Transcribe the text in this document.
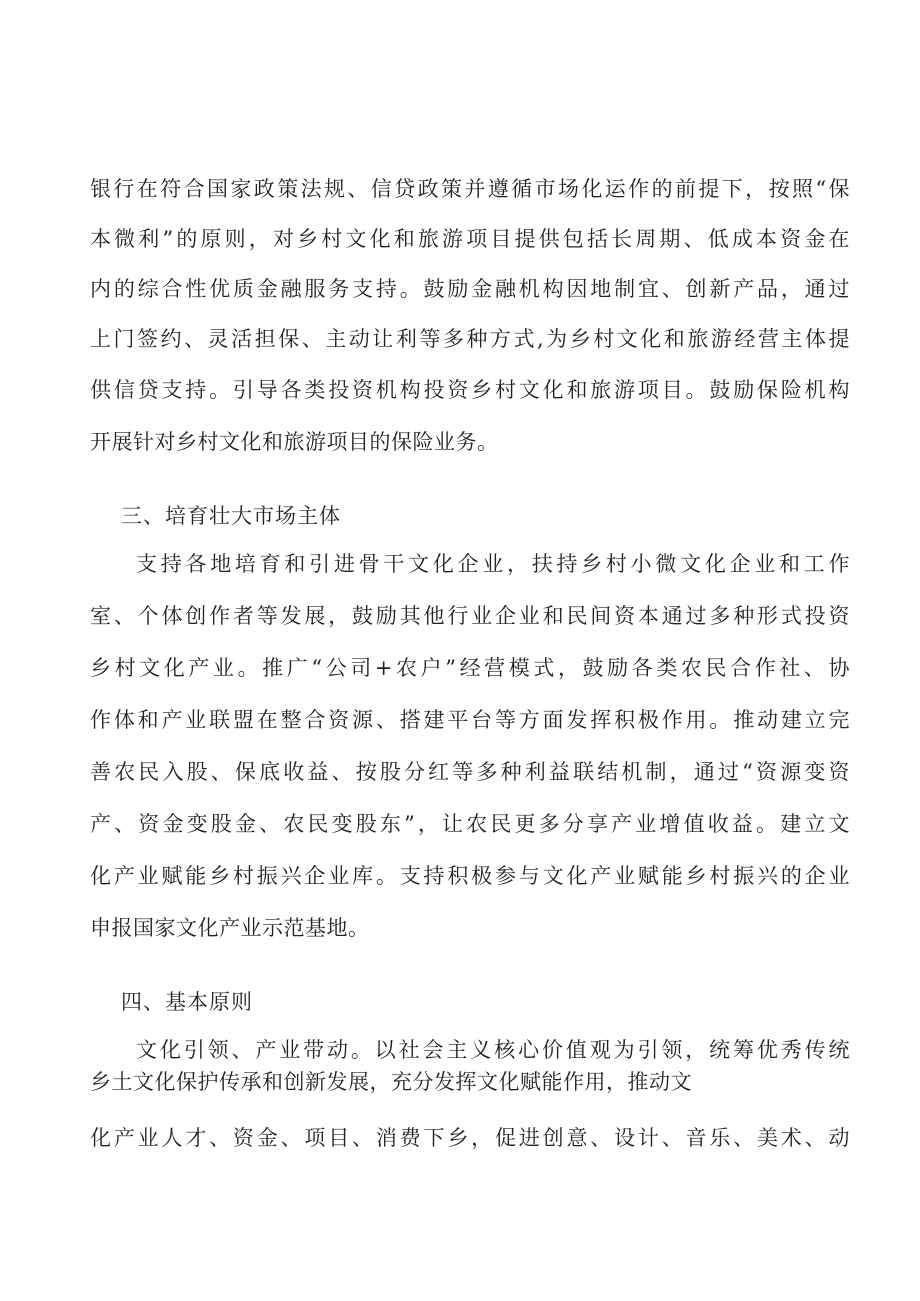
银行在符合国家政策法规、信贷政策并遵循市场化运作的前提下，按照“保
本微利”的原则，对乡村文化和旅游项目提供包括长周期、低成本资金在
内的综合性优质金融服务支持。鼓励金融机构因地制宜、创新产品，通过
上门签约、灵活担保、主动让利等多种方式,为乡村文化和旅游经营主体提
供信贷支持。引导各类投资机构投资乡村文化和旅游项目。鼓励保险机构
开展针对乡村文化和旅游项目的保险业务。
三、培育壮大市场主体
支持各地培育和引进骨干文化企业，扶持乡村小微文化企业和工作
室、个体创作者等发展，鼓励其他行业企业和民间资本通过多种形式投资
乡村文化产业。推广“公司+农户”经营模式，鼓励各类农民合作社、协
作体和产业联盟在整合资源、搭建平台等方面发挥积极作用。推动建立完
善农民入股、保底收益、按股分红等多种利益联结机制，通过“资源变资
产、资金变股金、农民变股东”，让农民更多分享产业增值收益。建立文
化产业赋能乡村振兴企业库。支持积极参与文化产业赋能乡村振兴的企业
申报国家文化产业示范基地。
四、基本原则
文化引领、产业带动。以社会主义核心价值观为引领，统筹优秀传统
乡土文化保护传承和创新发展，充分发挥文化赋能作用，推动文
化产业人才、资金、项目、消费下乡，促进创意、设计、音乐、美术、动
